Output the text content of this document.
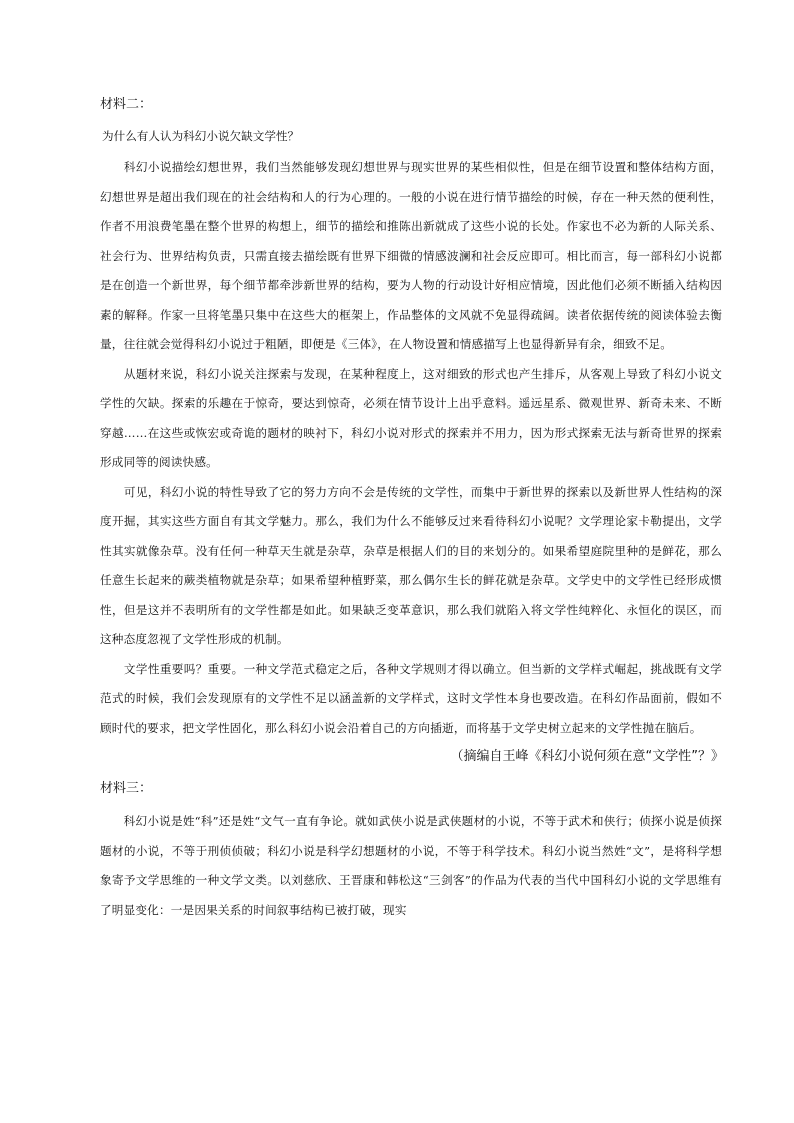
材料二：
为什么有人认为科幻小说欠缺文学性？

　　科幻小说描绘幻想世界，我们当然能够发现幻想世界与现实世界的某些相似性，但是在细节设置和整体结构方面，幻想世界是超出我们现在的社会结构和人的行为心理的。一般的小说在进行情节描绘的时候，存在一种天然的便利性，作者不用浪费笔墨在整个世界的构想上，细节的描绘和推陈出新就成了这些小说的长处。作家也不必为新的人际关系、社会行为、世界结构负责，只需直接去描绘既有世界下细微的情感波澜和社会反应即可。相比而言，每一部科幻小说都是在创造一个新世界，每个细节都牵涉新世界的结构，要为人物的行动设计好相应情境，因此他们必须不断插入结构因素的解释。作家一旦将笔墨只集中在这些大的框架上，作品整体的文风就不免显得疏阔。读者依据传统的阅读体验去衡量，往往就会觉得科幻小说过于粗陋，即便是《三体》，在人物设置和情感描写上也显得新异有余，细致不足。

　　从题材来说，科幻小说关注探索与发现，在某种程度上，这对细致的形式也产生排斥，从客观上导致了科幻小说文学性的欠缺。探索的乐趣在于惊奇，要达到惊奇，必须在情节设计上出乎意料。遥远星系、微观世界、新奇未来、不断穿越……在这些或恢宏或奇诡的题材的映衬下，科幻小说对形式的探索并不用力，因为形式探索无法与新奇世界的探索形成同等的阅读快感。

　　可见，科幻小说的特性导致了它的努力方向不会是传统的文学性，而集中于新世界的探索以及新世界人性结构的深度开掘，其实这些方面自有其文学魅力。那么，我们为什么不能够反过来看待科幻小说呢？文学理论家卡勒提出，文学性其实就像杂草。没有任何一种草天生就是杂草，杂草是根据人们的目的来划分的。如果希望庭院里种的是鲜花，那么任意生长起来的蕨类植物就是杂草；如果希望种植野菜，那么偶尔生长的鲜花就是杂草。文学史中的文学性已经形成惯性，但是这并不表明所有的文学性都是如此。如果缺乏变革意识，那么我们就陷入将文学性纯粹化、永恒化的误区，而这种态度忽视了文学性形成的机制。

　　文学性重要吗？重要。一种文学范式稳定之后，各种文学规则才得以确立。但当新的文学样式崛起，挑战既有文学范式的时候，我们会发现原有的文学性不足以涵盖新的文学样式，这时文学性本身也要改造。在科幻作品面前，假如不顾时代的要求，把文学性固化，那么科幻小说会沿着自己的方向插逝，而将基于文学史树立起来的文学性抛在脑后。

（摘编自王峰《科幻小说何须在意“文学性”？》
材料三：

　　科幻小说是姓“科”还是姓“文气一直有争论。就如武侠小说是武侠题材的小说，不等于武术和侠行；侦探小说是侦探题材的小说，不等于刑侦侦破；科幻小说是科学幻想题材的小说，不等于科学技术。科幻小说当然姓“文”，是将科学想象寄予文学思维的一种文学文类。以刘慈欣、王晋康和韩松这“三剑客”的作品为代表的当代中国科幻小说的文学思维有了明显变化：一是因果关系的时间叙事结构已被打破，现实
